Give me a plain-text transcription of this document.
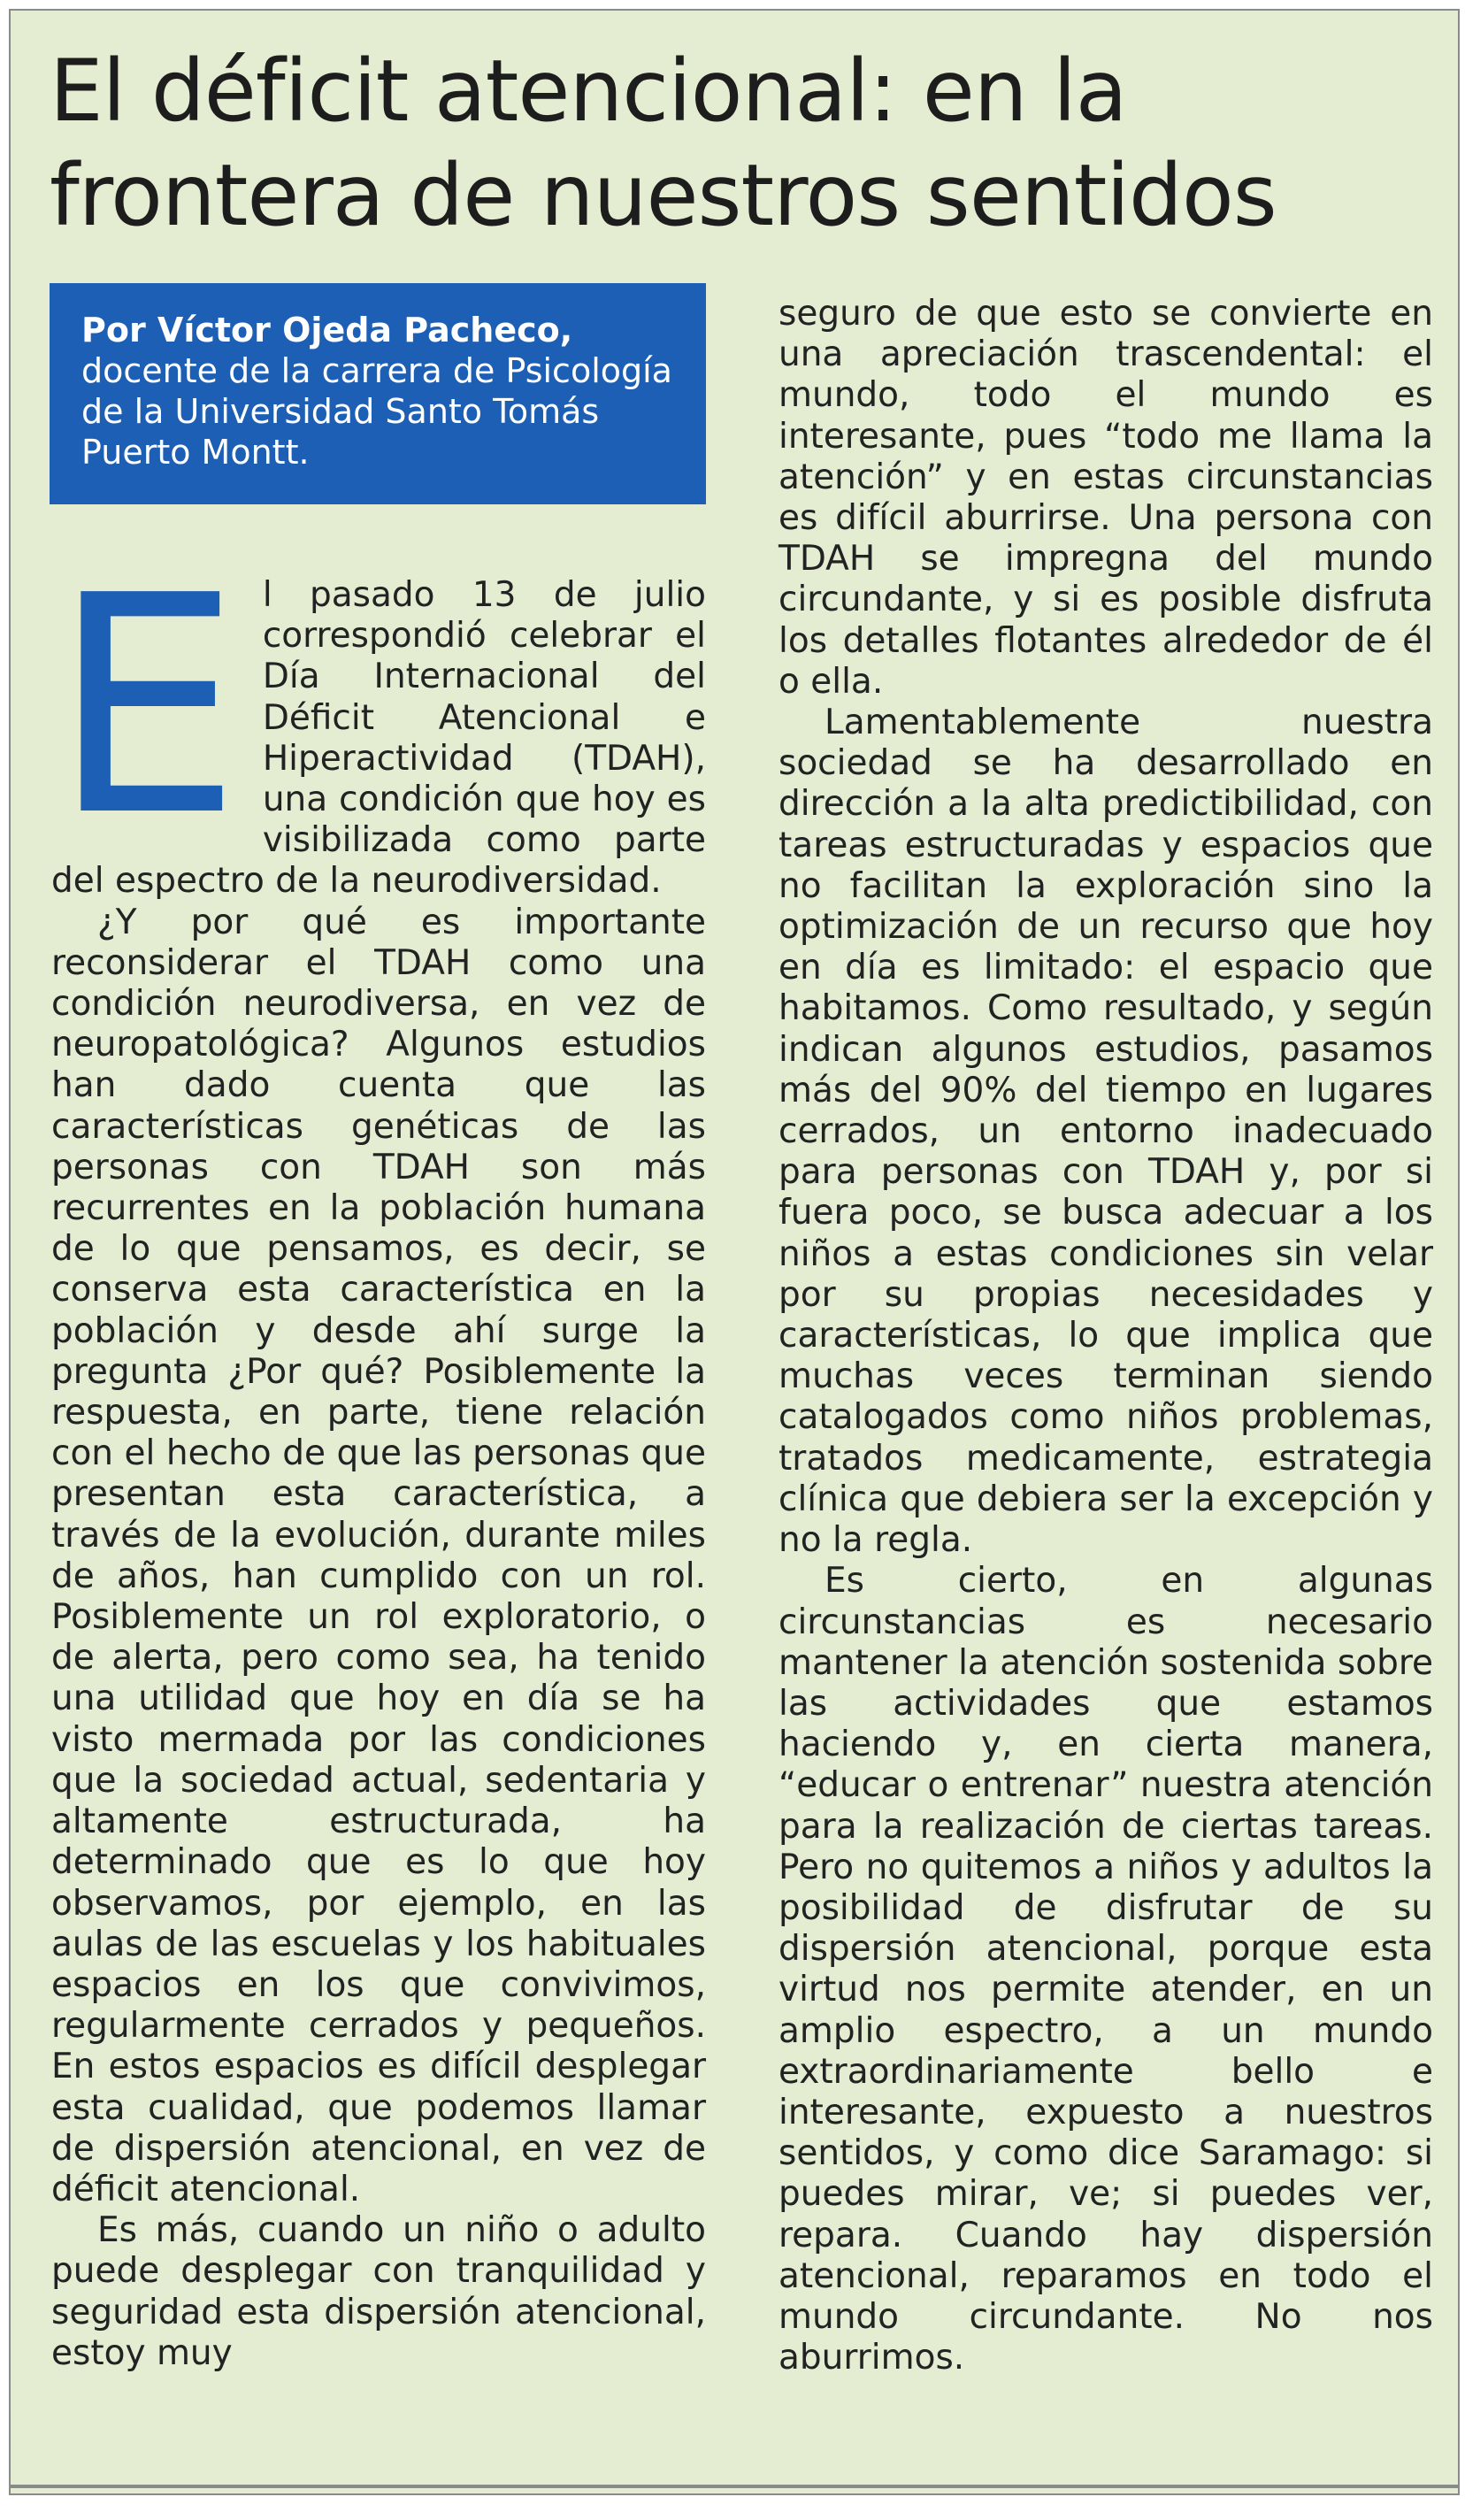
El déficit atencional: en la frontera de nuestros sentidos
Por Víctor Ojeda Pacheco,
docente de la carrera de Psicología de la Universidad Santo Tomás Puerto Montt.

El pasado 13 de julio correspondió celebrar el Día Internacional del Déficit Atencional e Hiperactividad (TDAH), una condición que hoy es visibilizada como parte del espectro de la neurodiversidad.

¿Y por qué es importante reconsiderar el TDAH como una condición neurodiversa, en vez de neuropatológica? Algunos estudios han dado cuenta que las características genéticas de las personas con TDAH son más recurrentes en la población humana de lo que pensamos, es decir, se conserva esta característica en la población y desde ahí surge la pregunta ¿Por qué? Posiblemente la respuesta, en parte, tiene relación con el hecho de que las personas que presentan esta característica, a través de la evolución, durante miles de años, han cumplido con un rol. Posiblemente un rol exploratorio, o de alerta, pero como sea, ha tenido una utilidad que hoy en día se ha visto mermada por las condiciones que la sociedad actual, sedentaria y altamente estructurada, ha determinado que es lo que hoy observamos, por ejemplo, en las aulas de las escuelas y los habituales espacios en los que convivimos, regularmente cerrados y pequeños. En estos espacios es difícil desplegar esta cualidad, que podemos llamar de dispersión atencional, en vez de déficit atencional.

Es más, cuando un niño o adulto puede desplegar con tranquilidad y seguridad esta dispersión atencional, estoy muy

seguro de que esto se convierte en una apreciación trascendental: el mundo, todo el mundo es interesante, pues “todo me llama la atención” y en estas circunstancias es difícil aburrirse. Una persona con TDAH se impregna del mundo circundante, y si es posible disfruta los detalles flotantes alrededor de él o ella.

Lamentablemente nuestra sociedad se ha desarrollado en dirección a la alta predictibilidad, con tareas estructuradas y espacios que no facilitan la exploración sino la optimización de un recurso que hoy en día es limitado: el espacio que habitamos. Como resultado, y según indican algunos estudios, pasamos más del 90% del tiempo en lugares cerrados, un entorno inadecuado para personas con TDAH y, por si fuera poco, se busca adecuar a los niños a estas condiciones sin velar por su propias necesidades y características, lo que implica que muchas veces terminan siendo catalogados como niños problemas, tratados medicamente, estrategia clínica que debiera ser la excepción y no la regla.

Es cierto, en algunas circunstancias es necesario mantener la atención sostenida sobre las actividades que estamos haciendo y, en cierta manera, “educar o entrenar” nuestra atención para la realización de ciertas tareas. Pero no quitemos a niños y adultos la posibilidad de disfrutar de su dispersión atencional, porque esta virtud nos permite atender, en un amplio espectro, a un mundo extraordinariamente bello e interesante, expuesto a nuestros sentidos, y como dice Saramago: si puedes mirar, ve; si puedes ver, repara. Cuando hay dispersión atencional, reparamos en todo el mundo circundante. No nos aburrimos.
